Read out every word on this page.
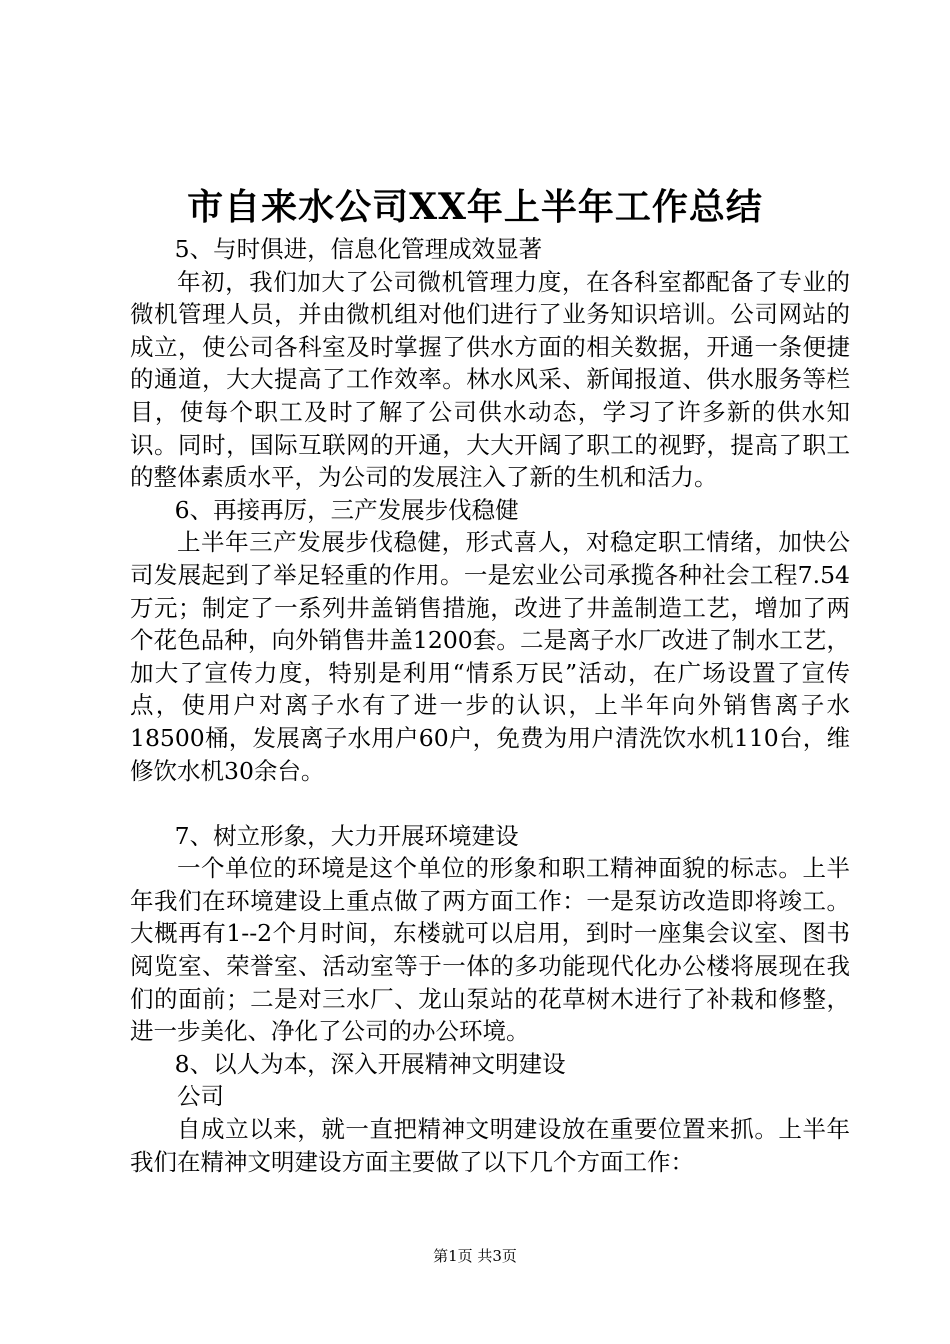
市自来水公司XX年上半年工作总结
5、与时俱进，信息化管理成效显著
年初，我们加大了公司微机管理力度，在各科室都配备了专业的微机管理人员，并由微机组对他们进行了业务知识培训。公司网站的成立，使公司各科室及时掌握了供水方面的相关数据，开通一条便捷的通道，大大提高了工作效率。林水风采、新闻报道、供水服务等栏目，使每个职工及时了解了公司供水动态，学习了许多新的供水知识。同时，国际互联网的开通，大大开阔了职工的视野，提高了职工的整体素质水平，为公司的发展注入了新的生机和活力。
6、再接再厉，三产发展步伐稳健
上半年三产发展步伐稳健，形式喜人，对稳定职工情绪，加快公司发展起到了举足轻重的作用。一是宏业公司承揽各种社会工程7.54万元；制定了一系列井盖销售措施，改进了井盖制造工艺，增加了两个花色品种，向外销售井盖1200套。二是离子水厂改进了制水工艺，加大了宣传力度，特别是利用“情系万民”活动，在广场设置了宣传点，使用户对离子水有了进一步的认识，上半年向外销售离子水18500桶，发展离子水用户60户，免费为用户清洗饮水机110台，维修饮水机30余台。
7、树立形象，大力开展环境建设
一个单位的环境是这个单位的形象和职工精神面貌的标志。上半年我们在环境建设上重点做了两方面工作：一是泵访改造即将竣工。大概再有1--2个月时间，东楼就可以启用，到时一座集会议室、图书阅览室、荣誉室、活动室等于一体的多功能现代化办公楼将展现在我们的面前；二是对三水厂、龙山泵站的花草树木进行了补栽和修整，进一步美化、净化了公司的办公环境。
8、以人为本，深入开展精神文明建设
公司
自成立以来，就一直把精神文明建设放在重要位置来抓。上半年我们在精神文明建设方面主要做了以下几个方面工作：
第1页 共3页
